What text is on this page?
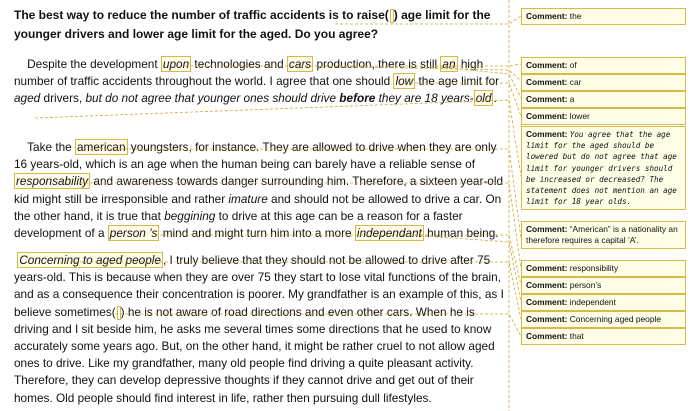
The best way to reduce the number of traffic accidents is to raise( ) age limit for the younger drivers and lower age limit for the aged. Do you agree?

Despite the development upon technologies and cars production, there is still an high number of traffic accidents throughout the world. I agree that one should low the age limit for aged drivers, but do not agree that younger ones should drive before they are 18 years- old .

Take the american youngsters, for instance. They are allowed to drive when they are only 16 years-old, which is an age when the human being can barely have a reliable sense of responsability and awareness towards danger surrounding him. Therefore, a sixteen year-old kid might still be irresponsible and rather imature and should not be allowed to drive a car. On the other hand, it is true that beggining to drive at this age can be a reason for a faster development of a person ’s mind and might turn him into a more independant human being.

Concerning to aged people , I truly believe that they should not be allowed to drive after 75 years-old. This is because when they are over 75 they start to lose vital functions of the brain, and as a consequence their concentration is poorer. My grandfather is an example of this, as I believe sometimes( ) he is not aware of road directions and even other cars. When he is driving and I sit beside him, he asks me several times some directions that he used to know accurately some years ago. But, on the other hand, it might be rather cruel to not allow aged ones to drive. Like my grandfather, many old people find driving a quite pleasant activity. Therefore, they can develop depressive thoughts if they cannot drive and get out of their homes. Old people should find interest in life, rather then pursuing dull lifestyles.

Comment: the
Comment: of
Comment: car
Comment: a
Comment: lower
Comment: You agree that the age limit for the aged should be lowered but do not agree that age limit for younger drivers should be increased or decreased? The statement does not mention an age limit for 18 year olds.
Comment: “American” is a nationality an therefore requires a capital ‘A’.
Comment: responsibility
Comment: person’s
Comment: independent
Comment: Concerning aged people
Comment: that
